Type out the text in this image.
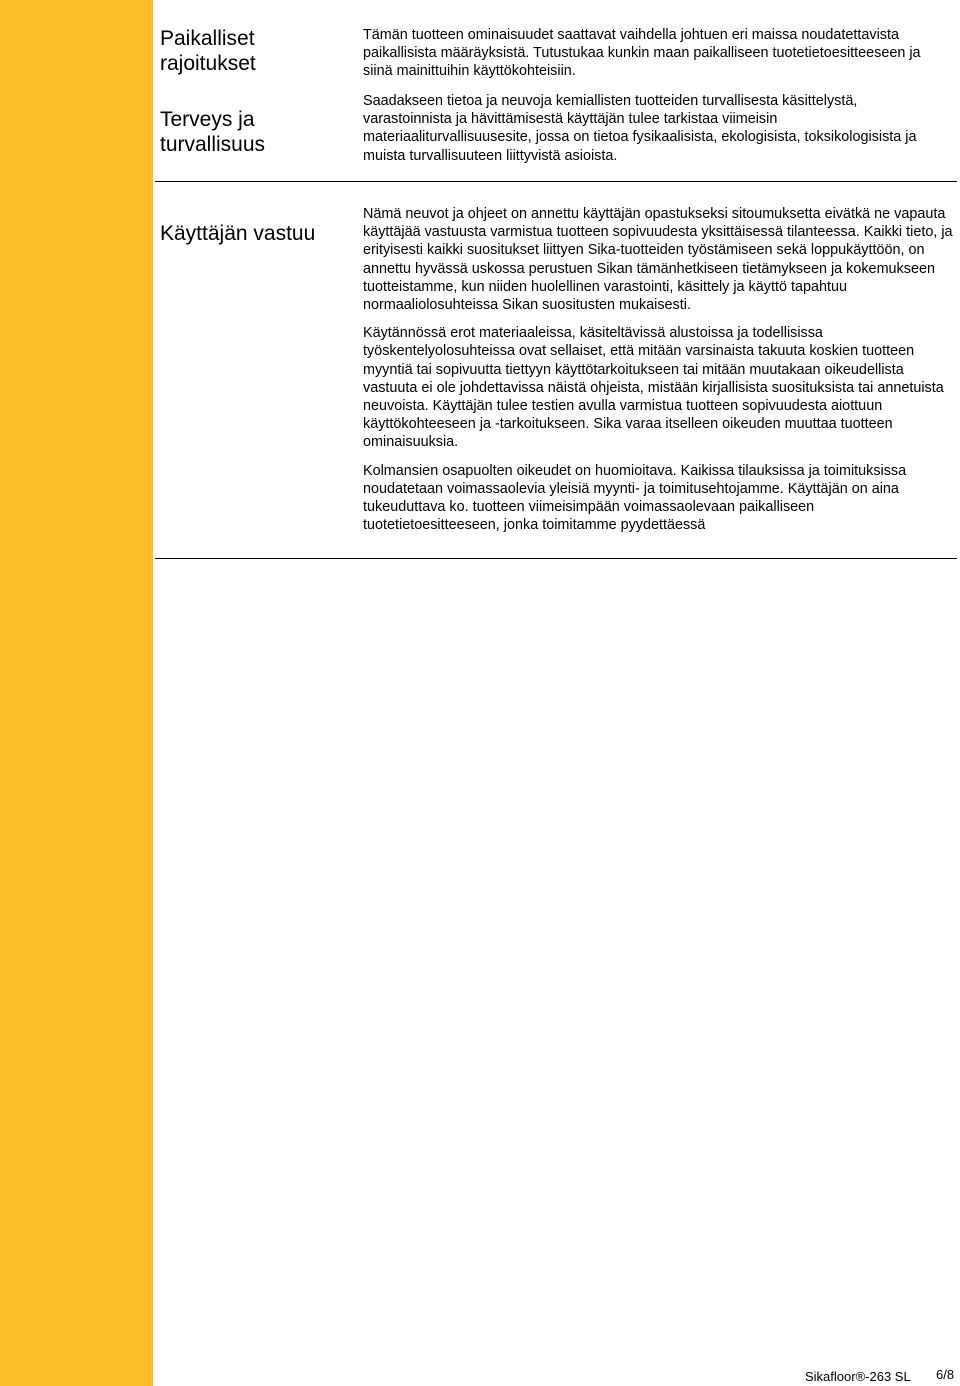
Paikalliset
rajoitukset

Tämän tuotteen ominaisuudet saattavat vaihdella johtuen eri maissa noudatettavista paikallisista määräyksistä. Tutustukaa kunkin maan paikalliseen tuotetietoesitteeseen ja siinä mainittuihin käyttökohteisiin.

Terveys ja
turvallisuus

Saadakseen tietoa ja neuvoja kemiallisten tuotteiden turvallisesta käsittelystä, varastoinnista ja hävittämisestä käyttäjän tulee tarkistaa viimeisin materiaaliturvallisuusesite, jossa on tietoa fysikaalisista, ekologisista, toksikologisista ja muista turvallisuuteen liittyvistä asioista.

Käyttäjän vastuu

Nämä neuvot ja ohjeet on annettu käyttäjän opastukseksi sitoumuksetta eivätkä ne vapauta käyttäjää vastuusta varmistua tuotteen sopivuudesta yksittäisessä tilanteessa. Kaikki tieto, ja erityisesti kaikki suositukset liittyen Sika-tuotteiden työstämiseen sekä loppukäyttöön, on annettu hyvässä uskossa perustuen Sikan tämänhetkiseen tietämykseen ja kokemukseen tuotteistamme, kun niiden huolellinen varastointi, käsittely ja käyttö tapahtuu normaaliolosuhteissa Sikan suositusten mukaisesti.

Käytännössä erot materiaaleissa, käsiteltävissä alustoissa ja todellisissa työskentelyolosuhteissa ovat sellaiset, että mitään varsinaista takuuta koskien tuotteen myyntiä tai sopivuutta tiettyyn käyttötarkoitukseen tai mitään muutakaan oikeudellista vastuuta ei ole johdettavissa näistä ohjeista, mistään kirjallisista suosituksista tai annetuista neuvoista. Käyttäjän tulee testien avulla varmistua tuotteen sopivuudesta aiottuun käyttökohteeseen ja -tarkoitukseen. Sika varaa itselleen oikeuden muuttaa tuotteen ominaisuuksia.

Kolmansien osapuolten oikeudet on huomioitava. Kaikissa tilauksissa ja toimituksissa noudatetaan voimassaolevia yleisiä myynti- ja toimitusehtojamme. Käyttäjän on aina tukeuduttava ko. tuotteen viimeisimpään voimassaolevaan paikalliseen tuotetietoesitteeseen, jonka toimitamme pyydettäessä

Sikafloor®-263 SL 6/8
